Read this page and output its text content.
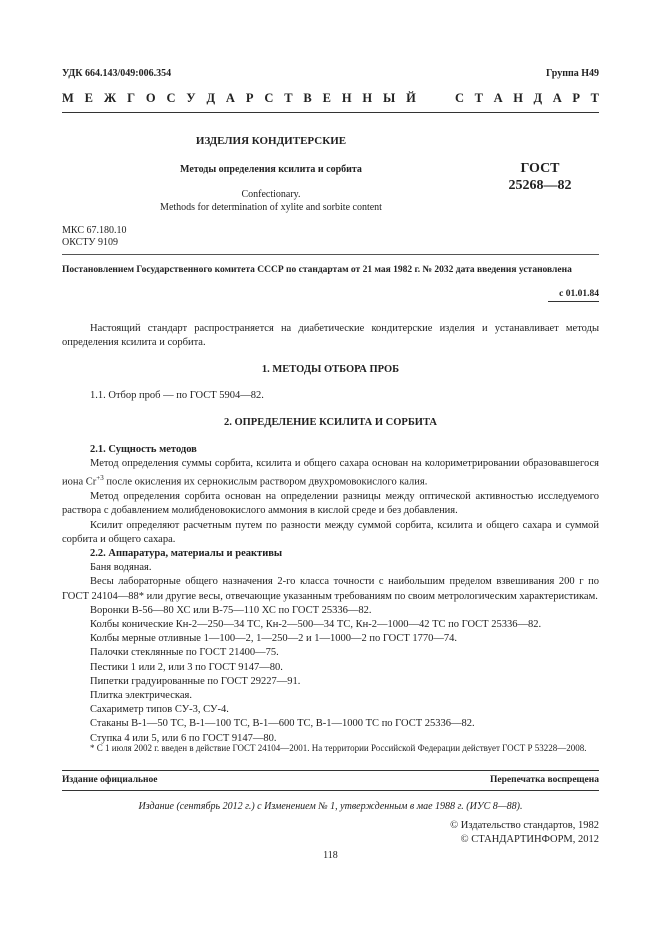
УДК 664.143/049:006.354	Группа Н49
М Е Ж Г О С У Д А Р С Т В Е Н Н Ы Й	С Т А Н Д А Р Т
ИЗДЕЛИЯ КОНДИТЕРСКИЕ
Методы определения ксилита и сорбита	ГОСТ
25268—82
Confectionary.
Methods for determination of xylite and sorbite content
МКС 67.180.10
ОКСТУ 9109
Постановлением Государственного комитета СССР по стандартам от 21 мая 1982 г. № 2032 дата введения установлена
с 01.01.84
Настоящий стандарт распространяется на диабетические кондитерские изделия и устанавливает методы определения ксилита и сорбита.
1. МЕТОДЫ ОТБОРА ПРОБ
1.1. Отбор проб — по ГОСТ 5904—82.
2. ОПРЕДЕЛЕНИЕ КСИЛИТА И СОРБИТА
2.1. Сущность методов
Метод определения суммы сорбита, ксилита и общего сахара основан на колориметрировании образовавшегося иона $Cr^{+3}$ после окисления их сернокислым раствором двухромовокислого калия.
Метод определения сорбита основан на определении разницы между оптической активностью исследуемого раствора с добавлением молибденовокислого аммония в кислой среде и без добавления.
Ксилит определяют расчетным путем по разности между суммой сорбита, ксилита и общего сахара и суммой сорбита и общего сахара.
2.2. Аппаратура, материалы и реактивы
Баня водяная.
Весы лабораторные общего назначения 2-го класса точности с наибольшим пределом взвешивания 200 г по ГОСТ 24104—88* или другие весы, отвечающие указанным требованиям по своим метрологическим характеристикам.
Воронки В-56—80 ХС или В-75—110 ХС по ГОСТ 25336—82.
Колбы конические Кн-2—250—34 ТС, Кн-2—500—34 ТС, Кн-2—1000—42 ТС по ГОСТ 25336—82.
Колбы мерные отливные 1—100—2, 1—250—2 и 1—1000—2 по ГОСТ 1770—74.
Палочки стеклянные по ГОСТ 21400—75.
Пестики 1 или 2, или 3 по ГОСТ 9147—80.
Пипетки градуированные по ГОСТ 29227—91.
Плитка электрическая.
Сахариметр типов СУ-3, СУ-4.
Стаканы В-1—50 ТС, В-1—100 ТС, В-1—600 ТС, В-1—1000 ТС по ГОСТ 25336—82.
Ступка 4 или 5, или 6 по ГОСТ 9147—80.
* С 1 июля 2002 г. введен в действие ГОСТ 24104—2001. На территории Российской Федерации действует ГОСТ Р 53228—2008.
Издание официальное	Перепечатка воспрещена
Издание (сентябрь 2012 г.) с Изменением № 1, утвержденным в мае 1988 г. (ИУС 8—88).
© Издательство стандартов, 1982
© СТАНДАРТИНФОРМ, 2012
118
